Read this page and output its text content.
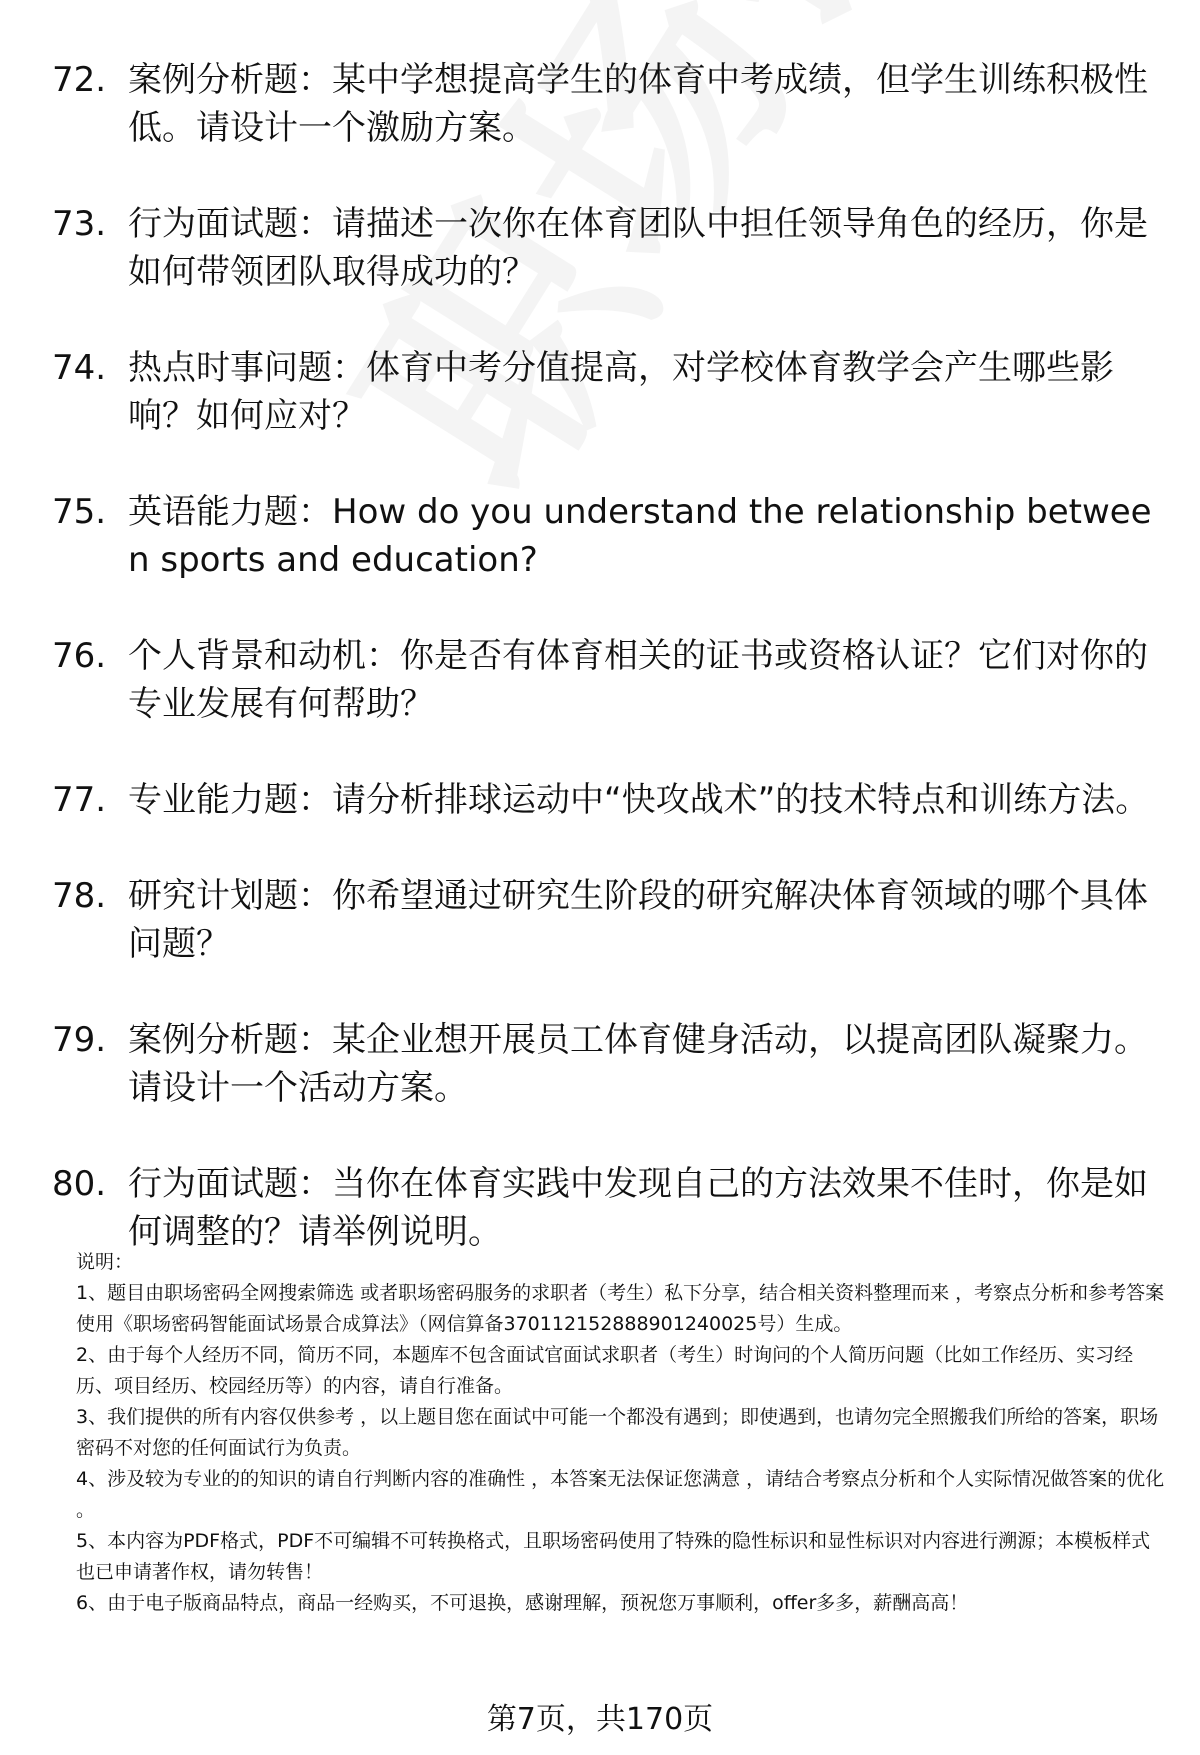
72. 案例分析题：某中学想提高学生的体育中考成绩，但学生训练积极性低。请设计一个激励方案。
73. 行为面试题：请描述一次你在体育团队中担任领导角色的经历，你是如何带领团队取得成功的？
74. 热点时事问题：体育中考分值提高，对学校体育教学会产生哪些影响？如何应对？
75. 英语能力题：How do you understand the relationship between sports and education?
76. 个人背景和动机：你是否有体育相关的证书或资格认证？它们对你的专业发展有何帮助？
77. 专业能力题：请分析排球运动中“快攻战术”的技术特点和训练方法。
78. 研究计划题：你希望通过研究生阶段的研究解决体育领域的哪个具体问题？
79. 案例分析题：某企业想开展员工体育健身活动，以提高团队凝聚力。请设计一个活动方案。
80. 行为面试题：当你在体育实践中发现自己的方法效果不佳时，你是如何调整的？请举例说明。

说明：

1、题目由职场密码全网搜索筛选 或者职场密码服务的求职者（考生）私下分享，结合相关资料整理而来 ，考察点分析和参考答案使用《职场密码智能面试场景合成算法》（网信算备370112152888901240025号）生成。

2、由于每个人经历不同，简历不同，本题库不包含面试官面试求职者（考生）时询问的个人简历问题（比如工作经历、实习经历、项目经历、校园经历等）的内容，请自行准备。

3、我们提供的所有内容仅供参考 ，以上题目您在面试中可能一个都没有遇到；即使遇到，也请勿完全照搬我们所给的答案，职场密码不对您的任何面试行为负责。

4、涉及较为专业的的知识的请自行判断内容的准确性 ，本答案无法保证您满意 ，请结合考察点分析和个人实际情况做答案的优化 。

5、本内容为PDF格式，PDF不可编辑不可转换格式，且职场密码使用了特殊的隐性标识和显性标识对内容进行溯源；本模板样式也已申请著作权，请勿转售！

6、由于电子版商品特点，商品一经购买，不可退换，感谢理解，预祝您万事顺利，offer多多，薪酬高高！

第7页，共170页
